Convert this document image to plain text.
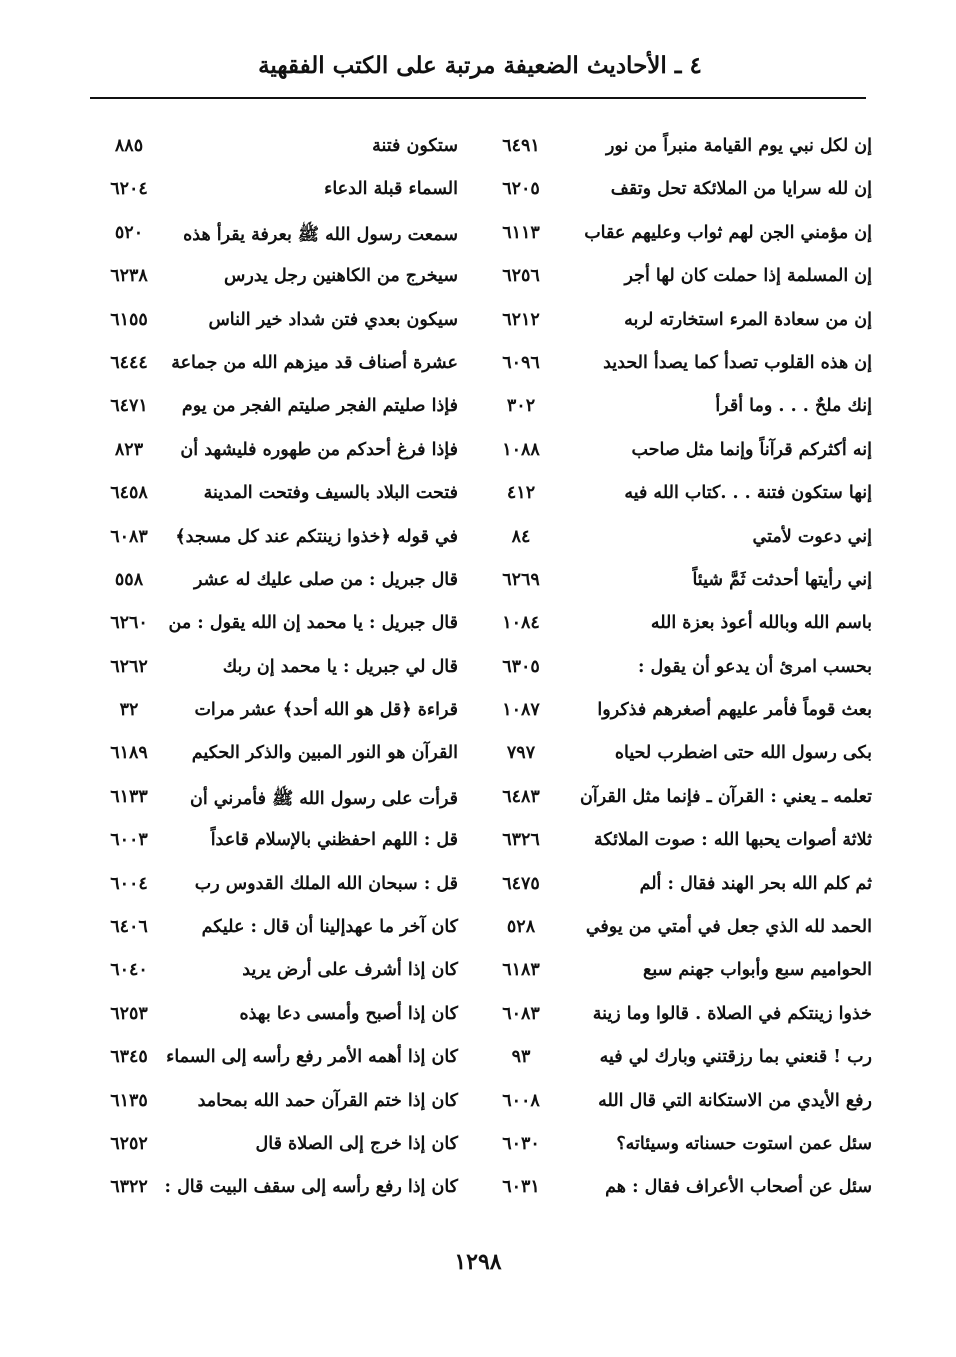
٤ ـ الأحاديث الضعيفة مرتبة على الكتب الفقهية
إن لكل نبي يوم القيامة منبراً من نور
٦٤٩١
إن لله سرايا من الملائكة تحل وتقف
٦٢٠٥
إن مؤمني الجن لهم ثواب وعليهم عقاب
٦١١٣
إن المسلمة إذا حملت كان لها أجر
٦٢٥٦
إن من سعادة المرء استخارته لربه
٦٢١٢
إن هذه القلوب تصدأ كما يصدأ الحديد
٦٠٩٦
إنك ملحٌ . . . وما أقرأ
٣٠٢
إنه أكثركم قرآناً وإنما مثل صاحب
١٠٨٨
إنها ستكون فتنة . . .كتاب الله فيه
٤١٢
إني دعوت لأمتي
٨٤
إني رأيتها أحدثت ثَمَّ شيئاً
٦٢٦٩
باسم الله وبالله أعوذ بعزة الله
١٠٨٤
بحسب امرئ أن يدعو أن يقول :
٦٣٠٥
بعث قوماً فأمر عليهم أصغرهم فذكروا
١٠٨٧
بكى رسول الله حتى اضطرب لحياه
٧٩٧
تعلمه ـ يعني : القرآن ـ فإنما مثل القرآن
٦٤٨٣
ثلاثة أصوات يحبها الله : صوت الملائكة
٦٣٢٦
ثم كلم الله بحر الهند فقال : ألم
٦٤٧٥
الحمد لله الذي جعل في أمتي من يوفي
٥٢٨
الحواميم سبع وأبواب جهنم سبع
٦١٨٣
خذوا زينتكم في الصلاة . قالوا وما زينة
٦٠٨٣
رب ! قنعني بما رزقتني وبارك لي فيه
٩٣
رفع الأيدي من الاستكانة التي قال الله
٦٠٠٨
سئل عمن استوت حسناته وسيئاته؟
٦٠٣٠
سئل عن أصحاب الأعراف فقال : هم
٦٠٣١
ستكون فتنة
٨٨٥
السماء قبلة الدعاء
٦٢٠٤
سمعت رسول الله ﷺ بعرفة يقرأ هذه
٥٢٠
سيخرج من الكاهنين رجل يدرس
٦٢٣٨
سيكون بعدي فتن شداد خير الناس
٦١٥٥
عشرة أصناف قد ميزهم الله من جماعة
٦٤٤٤
فإذا صليتم الفجر صليتم الفجر من يوم
٦٤٧١
فإذا فرغ أحدكم من طهوره فليشهد أن
٨٢٣
فتحت البلاد بالسيف وفتحت المدينة
٦٤٥٨
في قوله ﴿خذوا زينتكم عند كل مسجد﴾
٦٠٨٣
قال جبريل : من صلى عليك له عشر
٥٥٨
قال جبريل : يا محمد إن الله يقول : من
٦٢٦٠
قال لي جبريل : يا محمد إن ربك
٦٢٦٢
قراءة ﴿قل هو الله أحد﴾ عشر مرات
٣٢
القرآن هو النور المبين والذكر الحكيم
٦١٨٩
قرأت على رسول الله ﷺ فأمرني أن
٦١٣٣
قل : اللهم احفظني بالإسلام قاعداً
٦٠٠٣
قل : سبحان الله الملك القدوس رب
٦٠٠٤
كان آخر ما عهدإلينا أن قال : عليكم
٦٤٠٦
كان إذا أشرف على أرض يريد
٦٠٤٠
كان إذا أصبح وأمسى دعا بهذه
٦٢٥٣
كان إذا أهمه الأمر رفع رأسه إلى السماء
٦٣٤٥
كان إذا ختم القرآن حمد الله بمحامد
٦١٣٥
كان إذا خرج إلى الصلاة قال
٦٢٥٢
كان إذا رفع رأسه إلى سقف البيت قال :
٦٣٢٢
١٢٩٨
